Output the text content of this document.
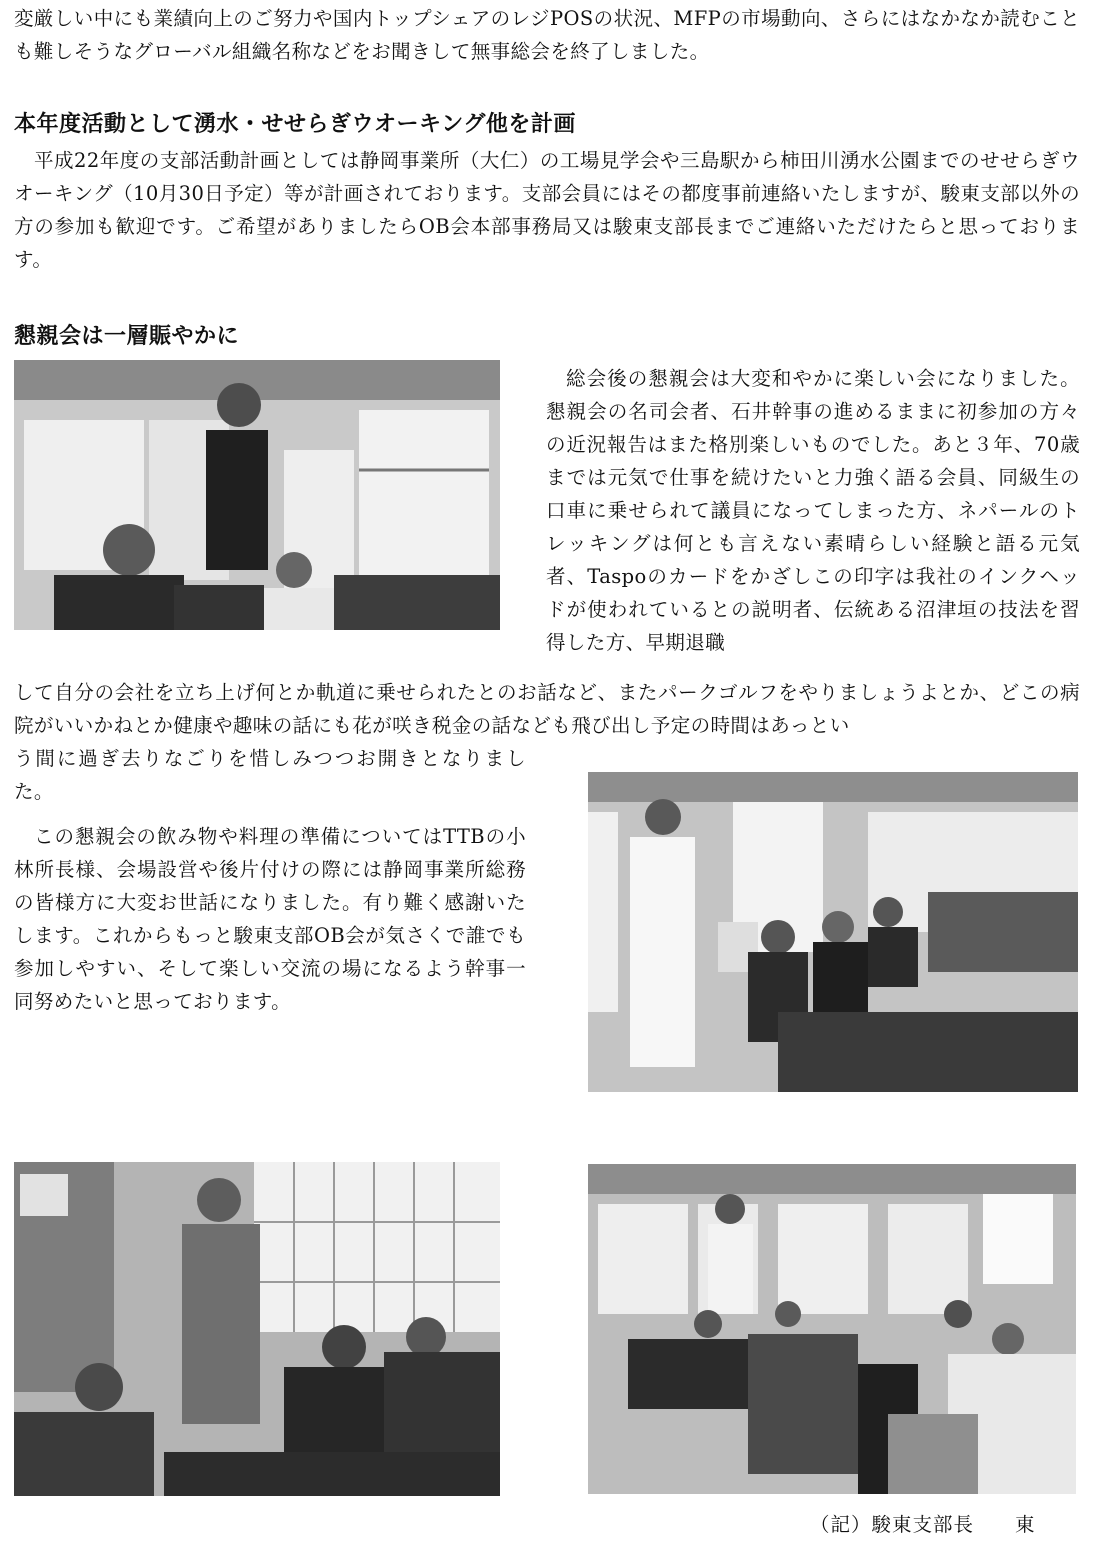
変厳しい中にも業績向上のご努力や国内トップシェアのレジPOSの状況、MFPの市場動向、さらにはなかなか読むことも難しそうなグローバル組織名称などをお聞きして無事総会を終了しました。

本年度活動として湧水・せせらぎウオーキング他を計画

平成22年度の支部活動計画としては静岡事業所（大仁）の工場見学会や三島駅から柿田川湧水公園までのせせらぎウオーキング（10月30日予定）等が計画されております。支部会員にはその都度事前連絡いたしますが、駿東支部以外の方の参加も歓迎です。ご希望がありましたらOB会本部事務局又は駿東支部長までご連絡いただけたらと思っております。

懇親会は一層賑やかに

総会後の懇親会は大変和やかに楽しい会になりました。懇親会の名司会者、石井幹事の進めるままに初参加の方々の近況報告はまた格別楽しいものでした。あと３年、70歳までは元気で仕事を続けたいと力強く語る会員、同級生の口車に乗せられて議員になってしまった方、ネパールのトレッキングは何とも言えない素晴らしい経験と語る元気者、Taspoのカードをかざしこの印字は我社のインクヘッドが使われているとの説明者、伝統ある沼津垣の技法を習得した方、早期退職

して自分の会社を立ち上げ何とか軌道に乗せられたとのお話など、またパークゴルフをやりましょうよとか、どこの病院がいいかねとか健康や趣味の話にも花が咲き税金の話なども飛び出し予定の時間はあっとい

う間に過ぎ去りなごりを惜しみつつお開きとなりました。

この懇親会の飲み物や料理の準備についてはTTBの小林所長様、会場設営や後片付けの際には静岡事業所総務の皆様方に大変お世話になりました。有り難く感謝いたします。これからもっと駿東支部OB会が気さくで誰でも参加しやすい、そして楽しい交流の場になるよう幹事一同努めたいと思っております。

（記）駿東支部長　　東
